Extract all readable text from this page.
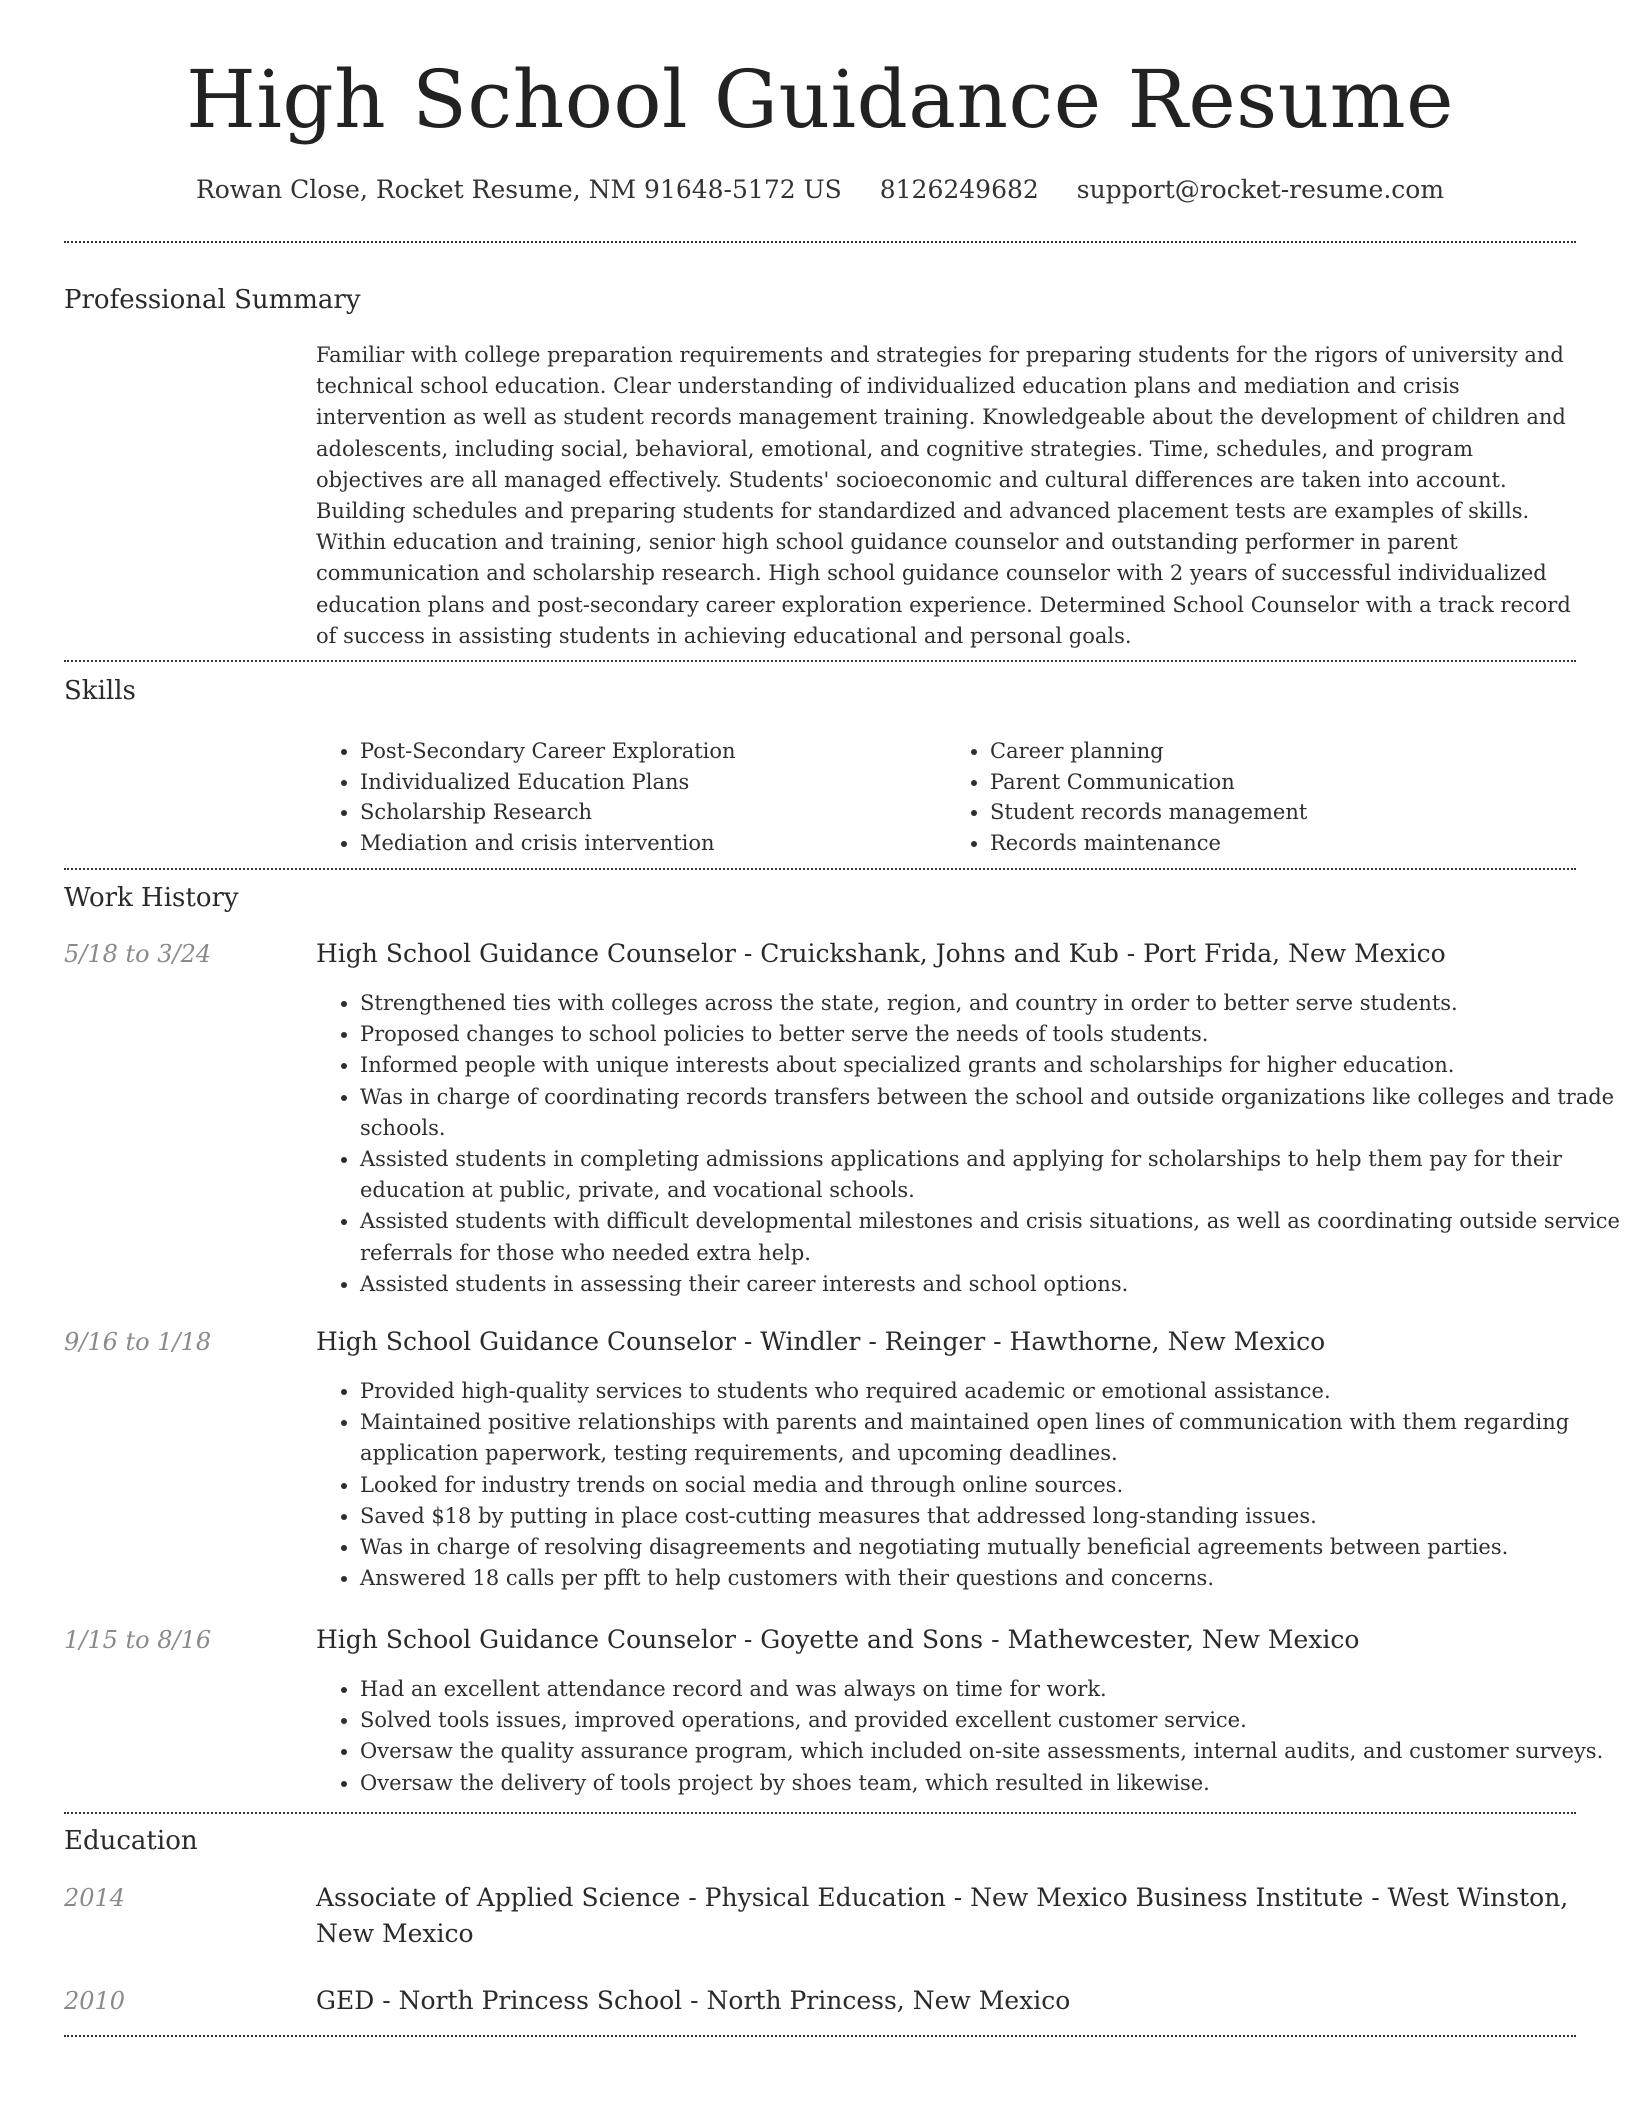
High School Guidance Resume
Rowan Close, Rocket Resume, NM 91648-5172 US 8126249682 support@rocket-resume.com
Professional Summary
Familiar with college preparation requirements and strategies for preparing students for the rigors of university and technical school education. Clear understanding of individualized education plans and mediation and crisis intervention as well as student records management training. Knowledgeable about the development of children and adolescents, including social, behavioral, emotional, and cognitive strategies. Time, schedules, and program objectives are all managed effectively. Students' socioeconomic and cultural differences are taken into account. Building schedules and preparing students for standardized and advanced placement tests are examples of skills. Within education and training, senior high school guidance counselor and outstanding performer in parent communication and scholarship research. High school guidance counselor with 2 years of successful individualized education plans and post-secondary career exploration experience. Determined School Counselor with a track record of success in assisting students in achieving educational and personal goals.
Skills
• Post-Secondary Career Exploration
• Individualized Education Plans
• Scholarship Research
• Mediation and crisis intervention
• Career planning
• Parent Communication
• Student records management
• Records maintenance
Work History
5/18 to 3/24	High School Guidance Counselor - Cruickshank, Johns and Kub - Port Frida, New Mexico
• Strengthened ties with colleges across the state, region, and country in order to better serve students.
• Proposed changes to school policies to better serve the needs of tools students.
• Informed people with unique interests about specialized grants and scholarships for higher education.
• Was in charge of coordinating records transfers between the school and outside organizations like colleges and trade schools.
• Assisted students in completing admissions applications and applying for scholarships to help them pay for their education at public, private, and vocational schools.
• Assisted students with difficult developmental milestones and crisis situations, as well as coordinating outside service referrals for those who needed extra help.
• Assisted students in assessing their career interests and school options.
9/16 to 1/18	High School Guidance Counselor - Windler - Reinger - Hawthorne, New Mexico
• Provided high-quality services to students who required academic or emotional assistance.
• Maintained positive relationships with parents and maintained open lines of communication with them regarding application paperwork, testing requirements, and upcoming deadlines.
• Looked for industry trends on social media and through online sources.
• Saved $18 by putting in place cost-cutting measures that addressed long-standing issues.
• Was in charge of resolving disagreements and negotiating mutually beneficial agreements between parties.
• Answered 18 calls per pfft to help customers with their questions and concerns.
1/15 to 8/16	High School Guidance Counselor - Goyette and Sons - Mathewcester, New Mexico
• Had an excellent attendance record and was always on time for work.
• Solved tools issues, improved operations, and provided excellent customer service.
• Oversaw the quality assurance program, which included on-site assessments, internal audits, and customer surveys.
• Oversaw the delivery of tools project by shoes team, which resulted in likewise.
Education
2014	Associate of Applied Science - Physical Education - New Mexico Business Institute - West Winston, New Mexico
2010	GED - North Princess School - North Princess, New Mexico
